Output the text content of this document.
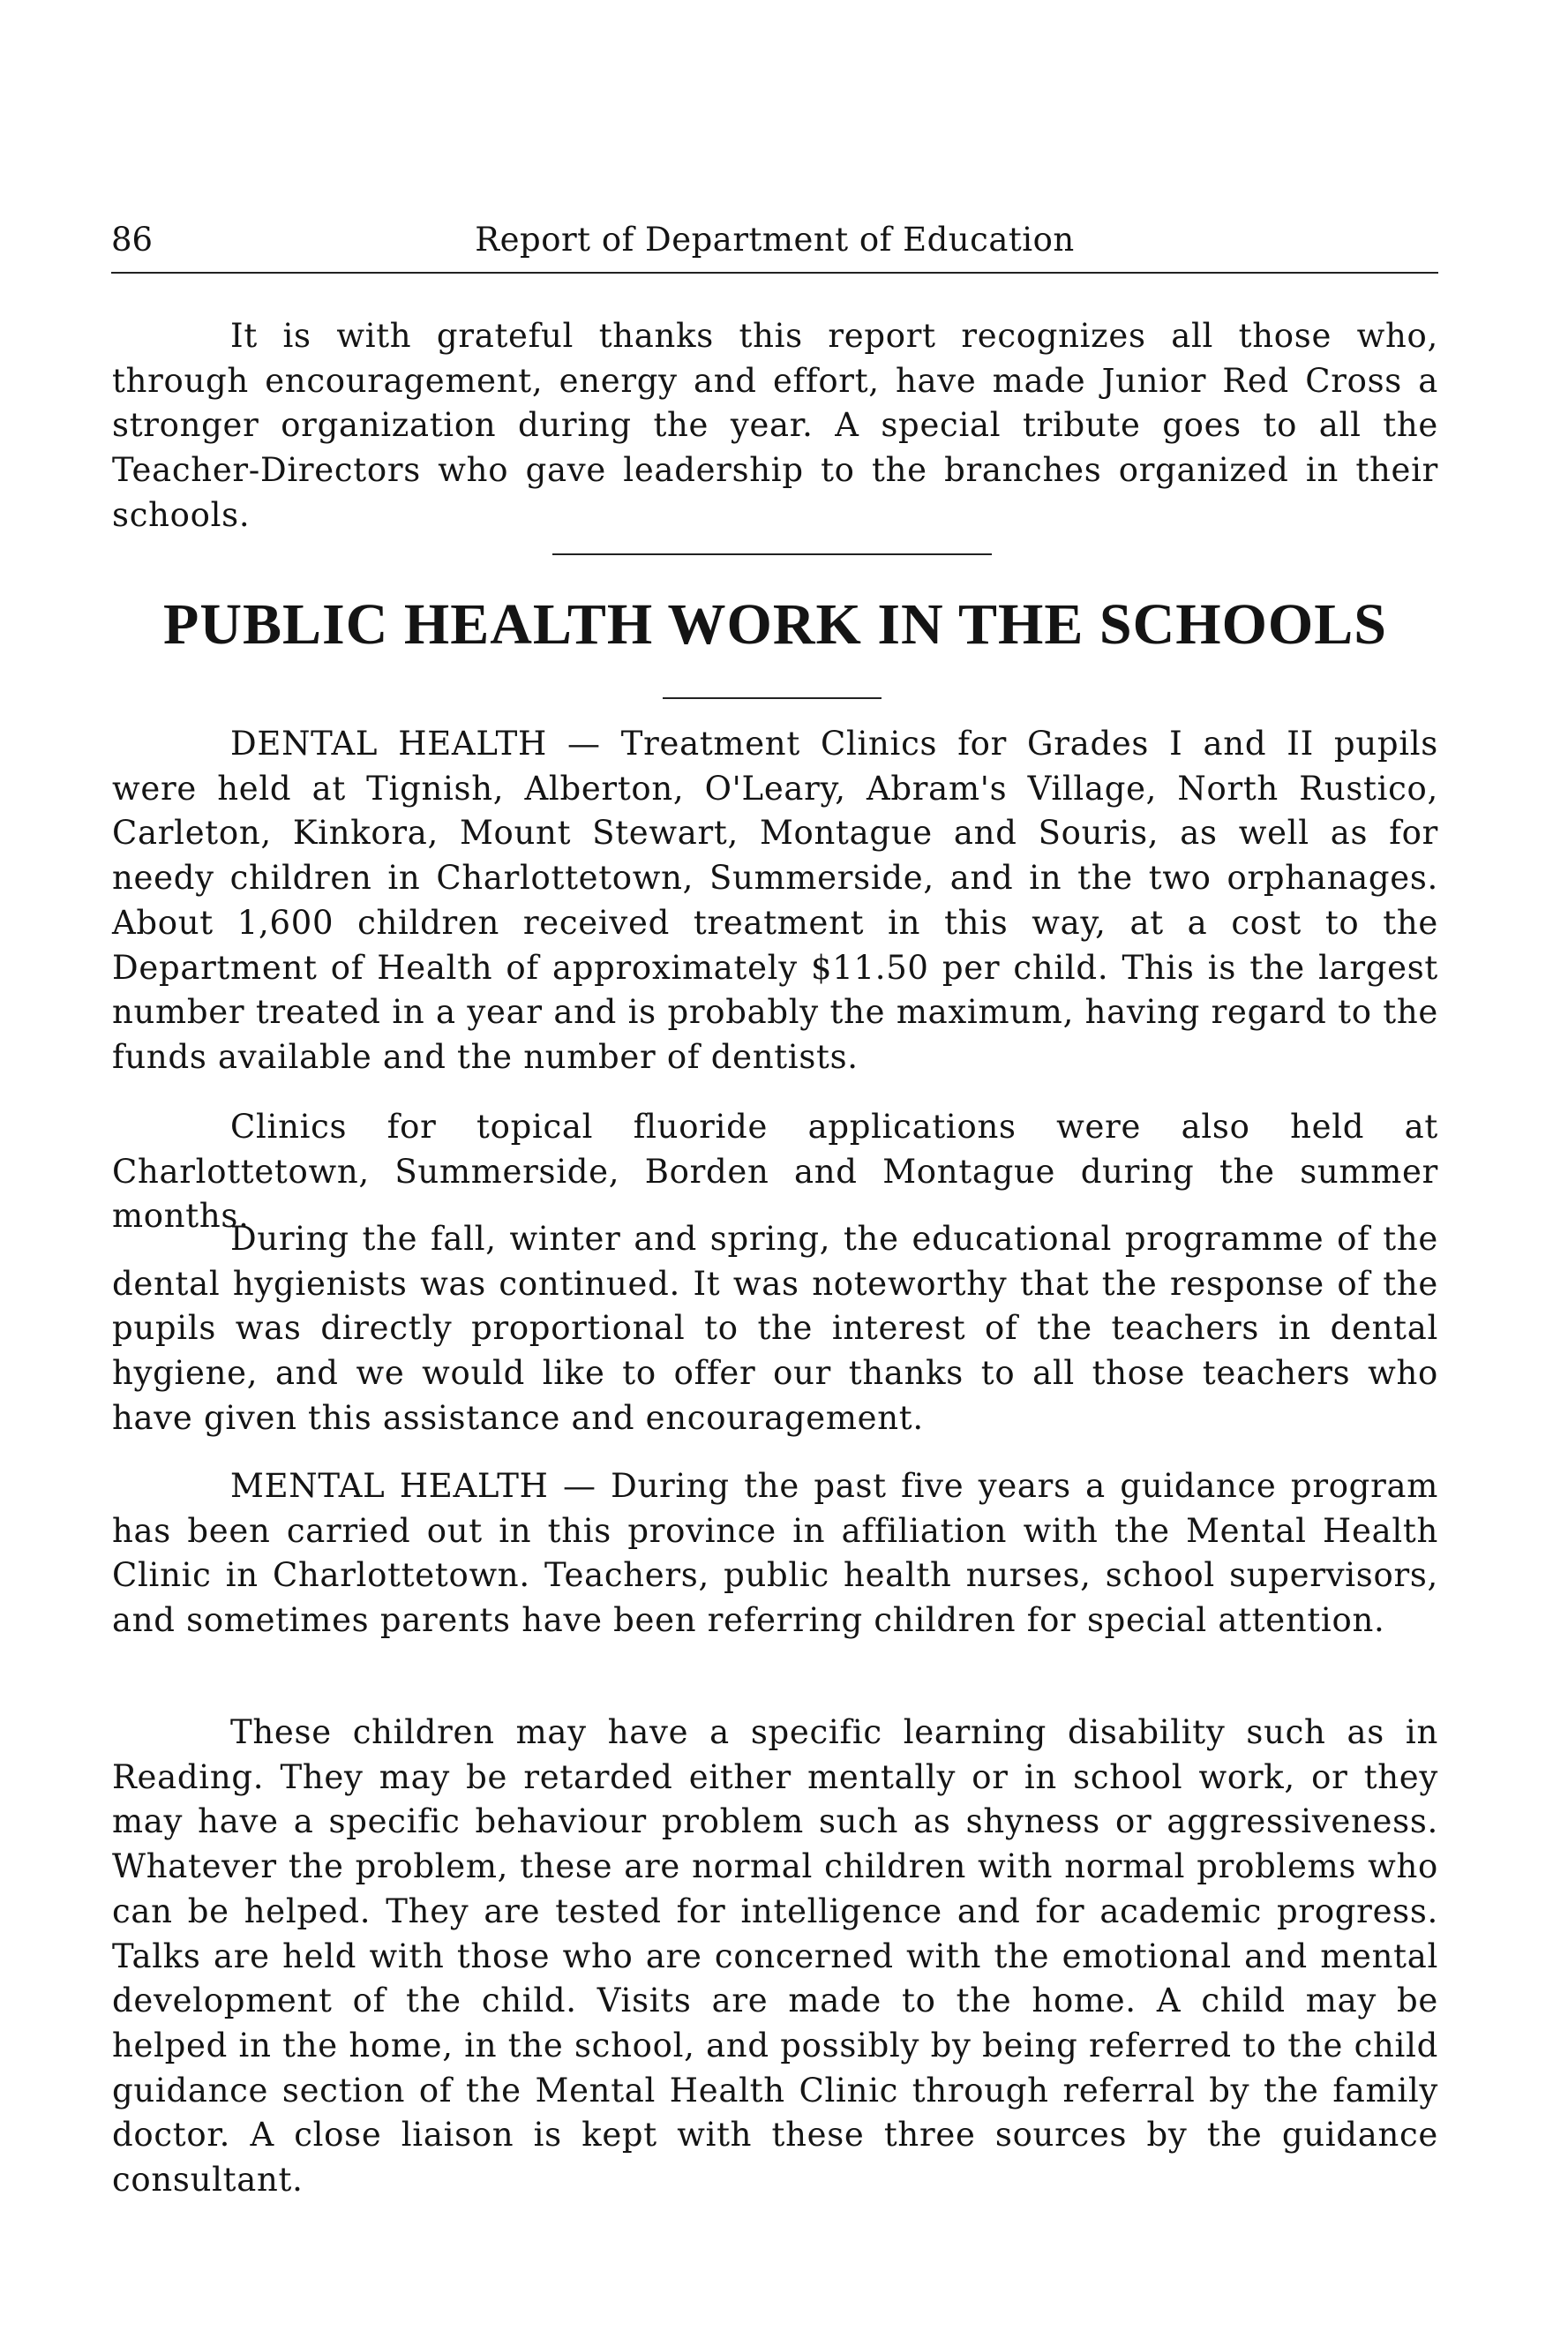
86	Report of Department of Education

It is with grateful thanks this report recognizes all those who, through encouragement, energy and effort, have made Junior Red Cross a stronger organization during the year. A special tribute goes to all the Teacher-Directors who gave leadership to the branches organized in their schools.

PUBLIC HEALTH WORK IN THE SCHOOLS

DENTAL HEALTH — Treatment Clinics for Grades I and II pupils were held at Tignish, Alberton, O'Leary, Abram's Village, North Rustico, Carleton, Kinkora, Mount Stewart, Montague and Souris, as well as for needy children in Charlottetown, Summerside, and in the two orphanages. About 1,600 children received treatment in this way, at a cost to the Department of Health of approximately $11.50 per child. This is the largest number treated in a year and is probably the maximum, having regard to the funds available and the number of dentists.

Clinics for topical fluoride applications were also held at Charlottetown, Summerside, Borden and Montague during the summer months.

During the fall, winter and spring, the educational programme of the dental hygienists was continued. It was noteworthy that the response of the pupils was directly proportional to the interest of the teachers in dental hygiene, and we would like to offer our thanks to all those teachers who have given this assistance and encouragement.

MENTAL HEALTH — During the past five years a guidance program has been carried out in this province in affiliation with the Mental Health Clinic in Charlottetown. Teachers, public health nurses, school supervisors, and sometimes parents have been referring children for special attention.

These children may have a specific learning disability such as in Reading. They may be retarded either mentally or in school work, or they may have a specific behaviour problem such as shyness or aggressiveness. Whatever the problem, these are normal children with normal problems who can be helped. They are tested for intelligence and for academic progress. Talks are held with those who are concerned with the emotional and mental development of the child. Visits are made to the home. A child may be helped in the home, in the school, and possibly by being referred to the child guidance section of the Mental Health Clinic through referral by the family doctor. A close liaison is kept with these three sources by the guidance consultant.
